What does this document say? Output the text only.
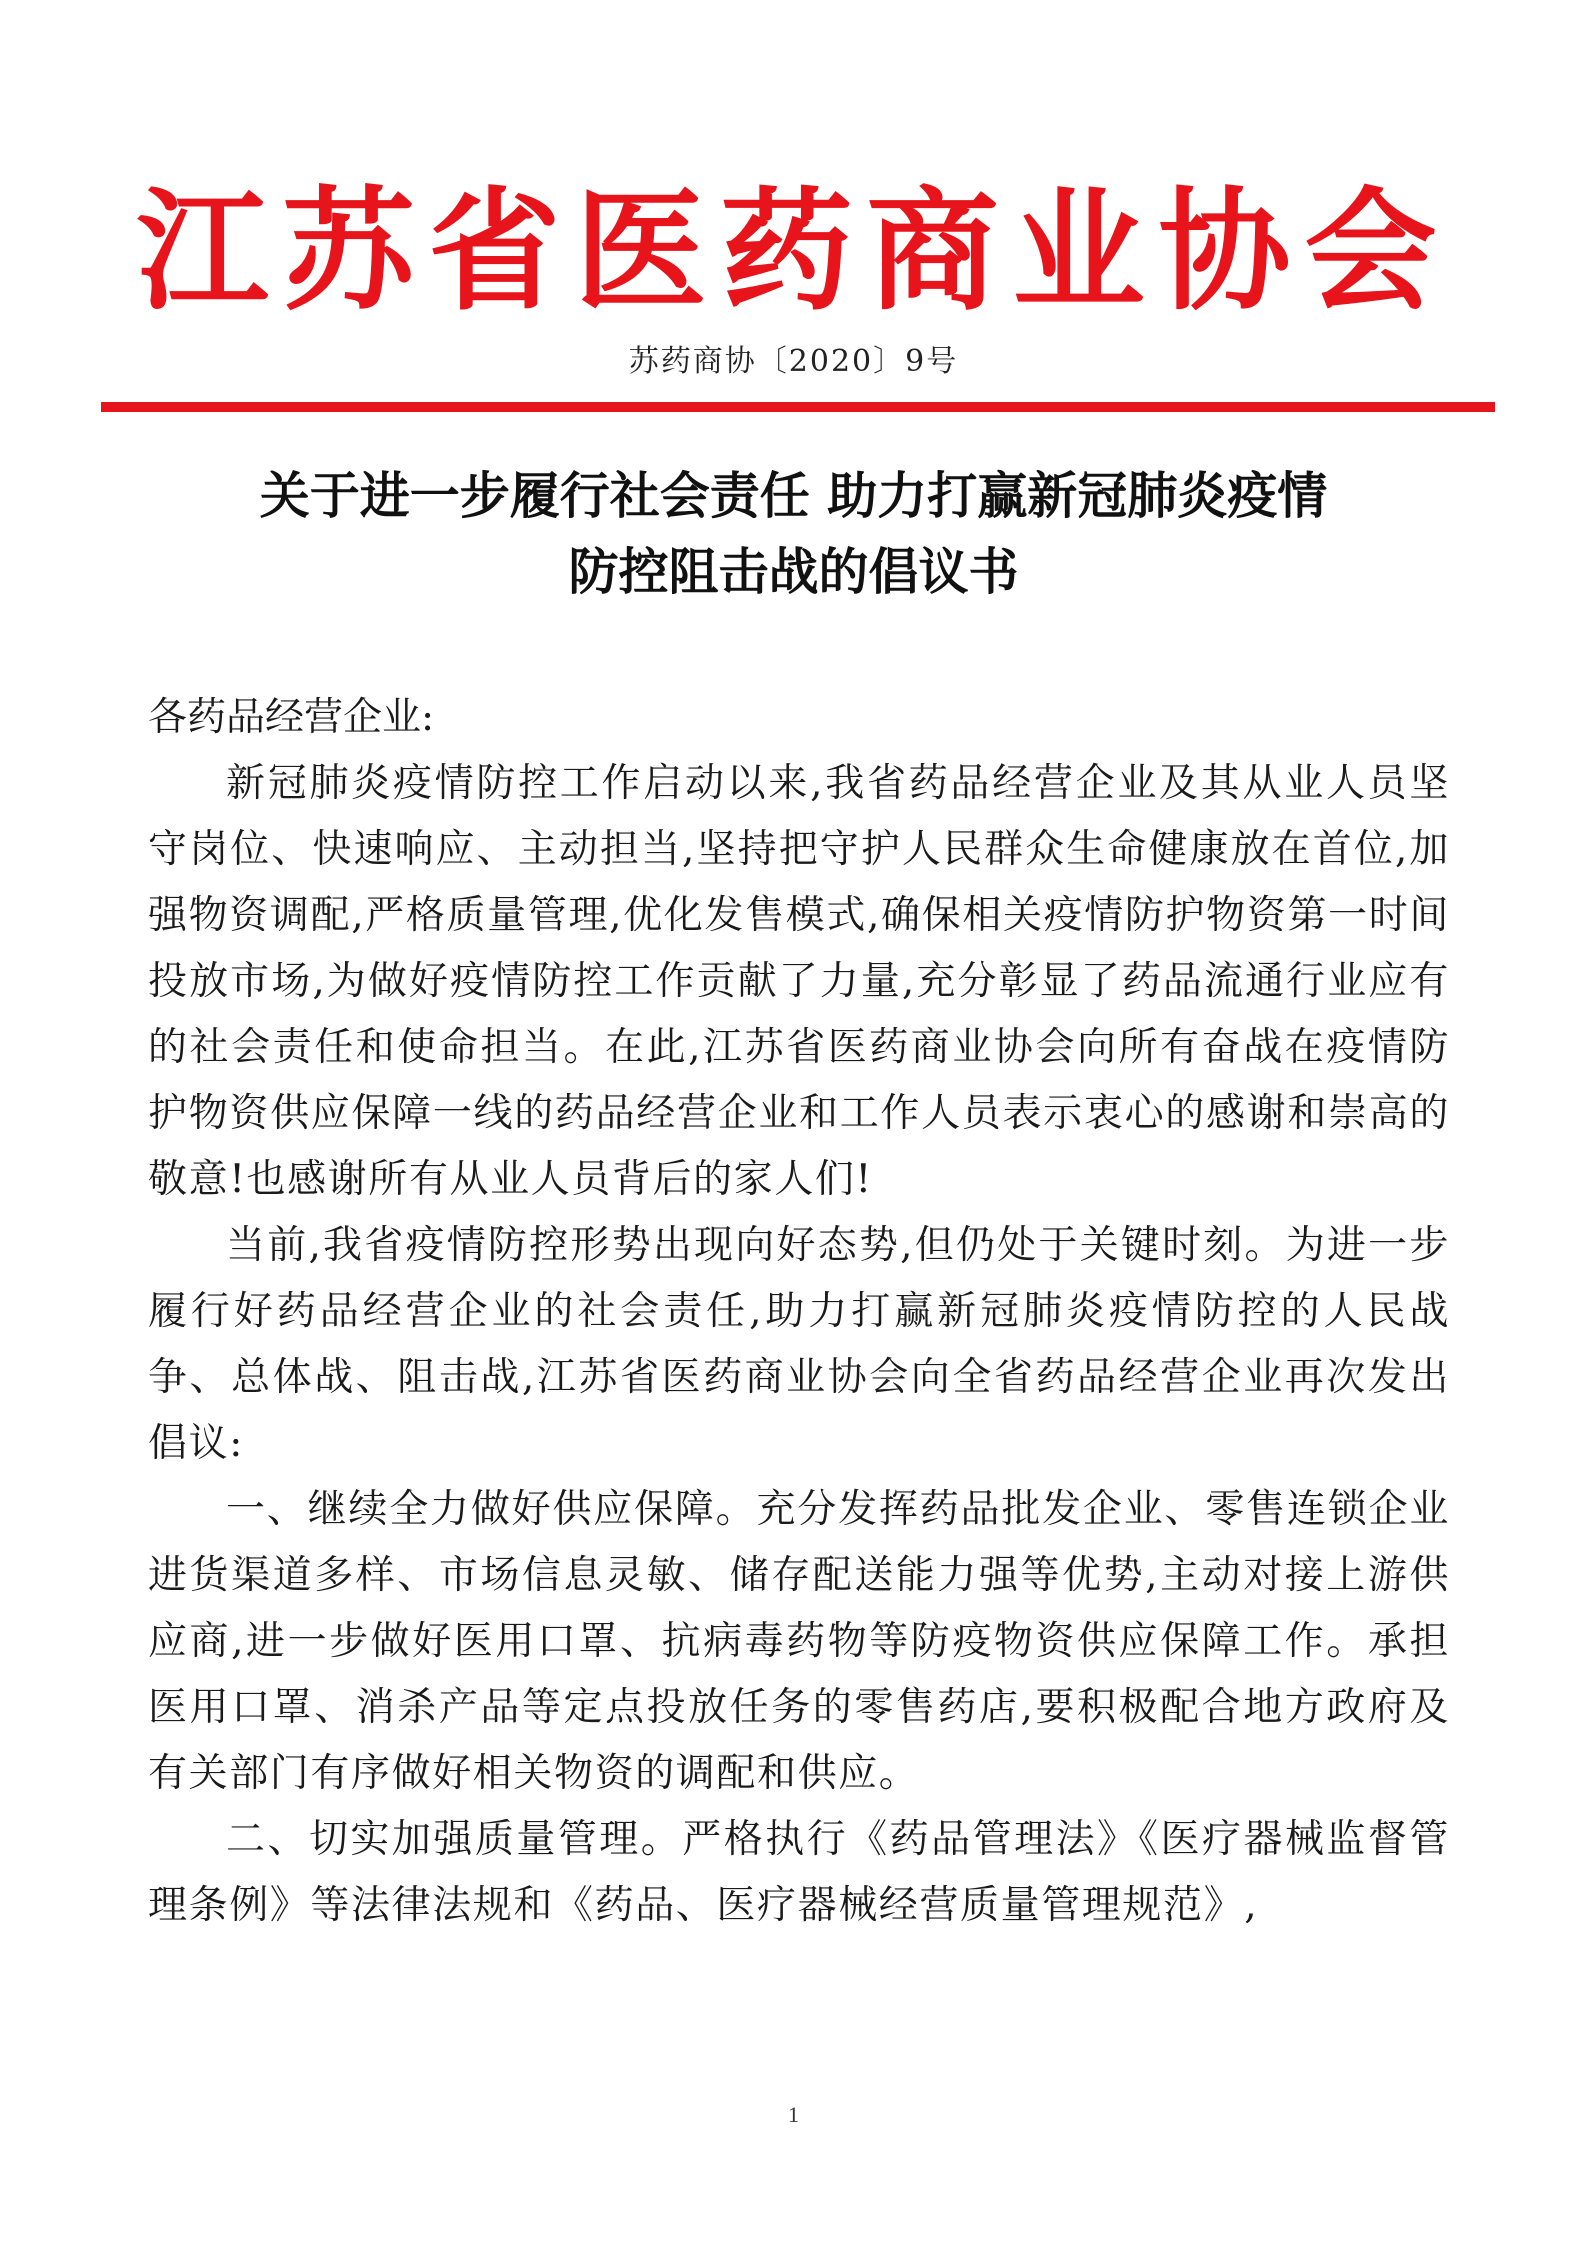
江苏省医药商业协会
苏药商协〔2020〕9号
关于进一步履行社会责任 助力打赢新冠肺炎疫情
防控阻击战的倡议书

各药品经营企业:

新冠肺炎疫情防控工作启动以来,我省药品经营企业及其从业人员坚守岗位、快速响应、主动担当,坚持把守护人民群众生命健康放在首位,加强物资调配,严格质量管理,优化发售模式,确保相关疫情防护物资第一时间投放市场,为做好疫情防控工作贡献了力量,充分彰显了药品流通行业应有的社会责任和使命担当。在此,江苏省医药商业协会向所有奋战在疫情防护物资供应保障一线的药品经营企业和工作人员表示衷心的感谢和崇高的敬意!也感谢所有从业人员背后的家人们!

当前,我省疫情防控形势出现向好态势,但仍处于关键时刻。为进一步履行好药品经营企业的社会责任,助力打赢新冠肺炎疫情防控的人民战争、总体战、阻击战,江苏省医药商业协会向全省药品经营企业再次发出倡议:

一、继续全力做好供应保障。充分发挥药品批发企业、零售连锁企业进货渠道多样、市场信息灵敏、储存配送能力强等优势,主动对接上游供应商,进一步做好医用口罩、抗病毒药物等防疫物资供应保障工作。承担医用口罩、消杀产品等定点投放任务的零售药店,要积极配合地方政府及有关部门有序做好相关物资的调配和供应。

二、切实加强质量管理。严格执行《药品管理法》《医疗器械监督管理条例》等法律法规和《药品、医疗器械经营质量管理规范》,

1
